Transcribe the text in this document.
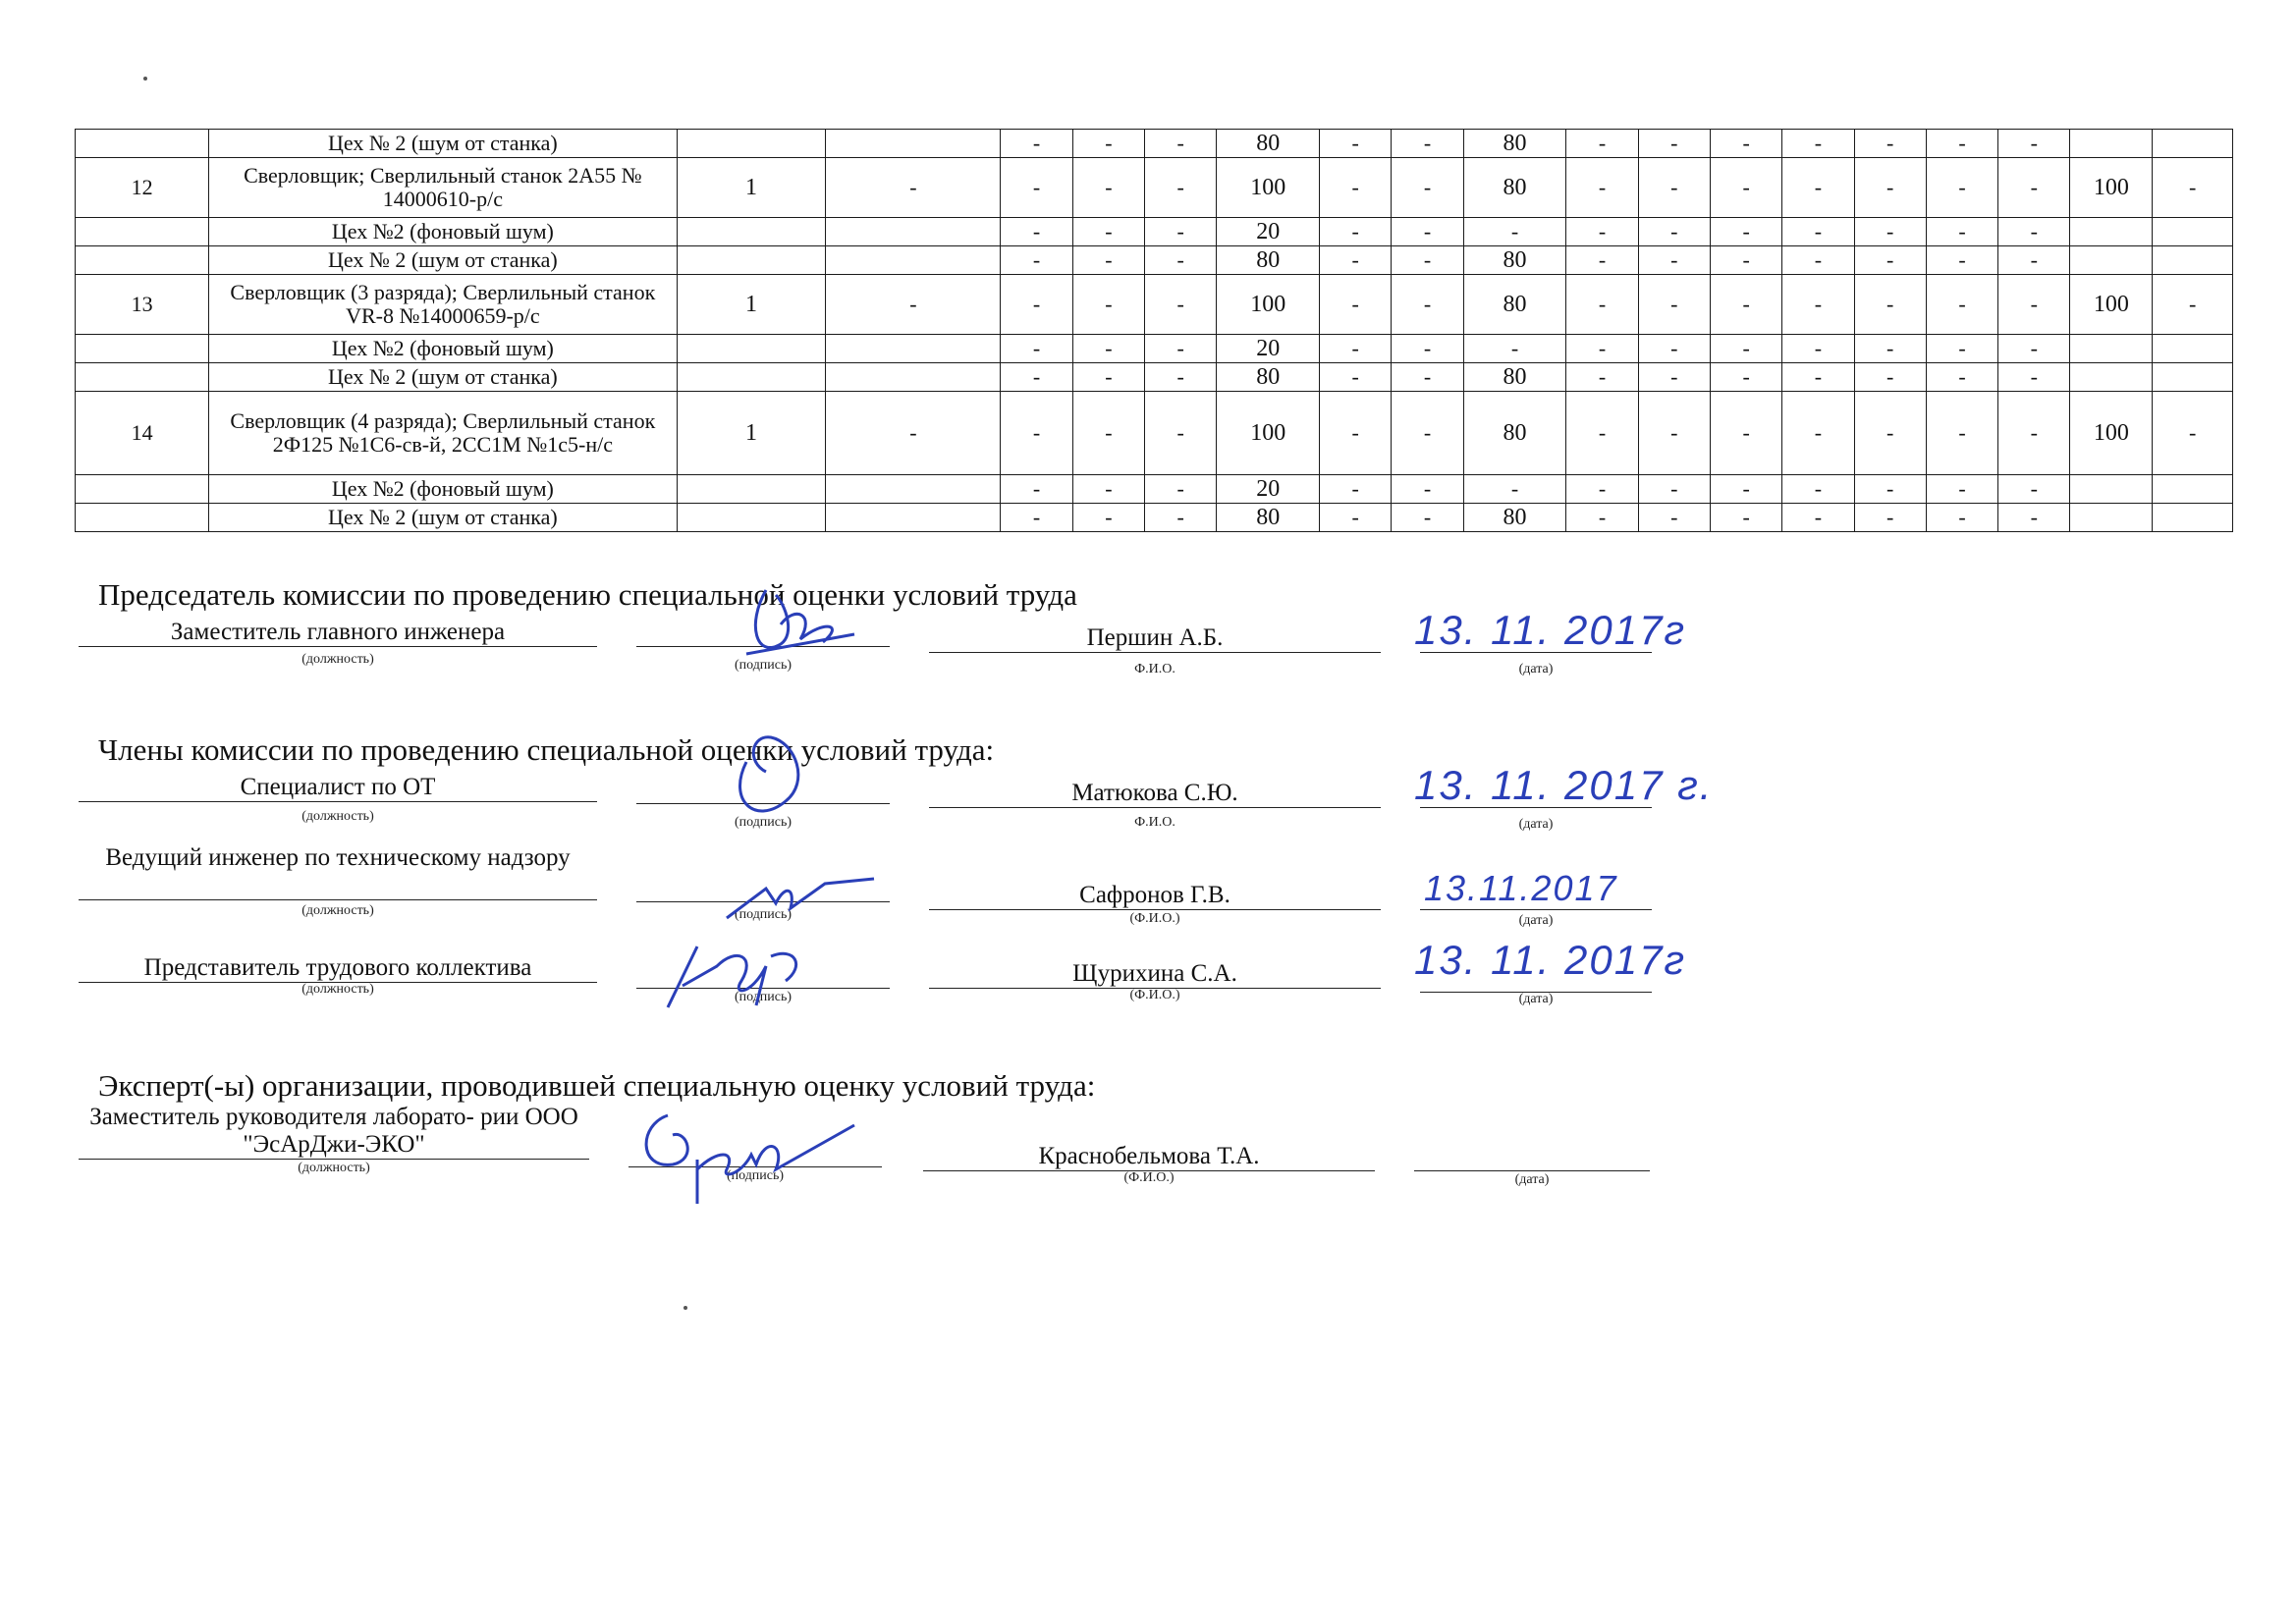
	Цех № 2 (шум от станка)			-	-	-	80	-	-	80	-	-	-	-	-	-	-		
12	Сверловщик; Сверлильный станок 2А55 № 14000610-р/с	1	-	-	-	-	100	-	-	80	-	-	-	-	-	-	-	100	-
	Цех №2 (фоновый шум)			-	-	-	20	-	-	-	-	-	-	-	-	-	-		
	Цех № 2 (шум от станка)			-	-	-	80	-	-	80	-	-	-	-	-	-	-		
13	Сверловщик (3 разряда); Сверлильный станок VR-8 №14000659-р/с	1	-	-	-	-	100	-	-	80	-	-	-	-	-	-	-	100	-
	Цех №2 (фоновый шум)			-	-	-	20	-	-	-	-	-	-	-	-	-	-		
	Цех № 2 (шум от станка)			-	-	-	80	-	-	80	-	-	-	-	-	-	-		
14	Сверловщик (4 разряда); Сверлильный станок 2Ф125 №1С6-св-й, 2СС1М №1с5-н/с	1	-	-	-	-	100	-	-	80	-	-	-	-	-	-	-	100	-
	Цех №2 (фоновый шум)			-	-	-	20	-	-	-	-	-	-	-	-	-	-		
	Цех № 2 (шум от станка)			-	-	-	80	-	-	80	-	-	-	-	-	-	-		
Председатель комиссии по проведению специальной оценки условий труда
Заместитель главного инженера
(должность)	(подпись)
Першин А.Б.
Ф.И.О.
13. 11. 2017г
(дата)
Члены комиссии по проведению специальной оценки условий труда:
Специалист по ОТ
(должность)	(подпись)
Матюкова С.Ю.
Ф.И.О.
13. 11. 2017 г.
(дата)
Ведущий инженер по техническому надзору
(должность)	(подпись)
Сафронов Г.В.
(Ф.И.О.)
13.11.2017
(дата)
Представитель трудового коллектива
(должность)
(подпись)
Щурихина С.А.
(Ф.И.О.)
13. 11. 2017г
(дата)
Эксперт(-ы) организации, проводившей специальную оценку условий труда:
Заместитель руководителя лаборато- рии ООО "ЭсАрДжи-ЭКО"
(должность)
(подпись)
Краснобельмова Т.А.
(Ф.И.О.)	(дата)
